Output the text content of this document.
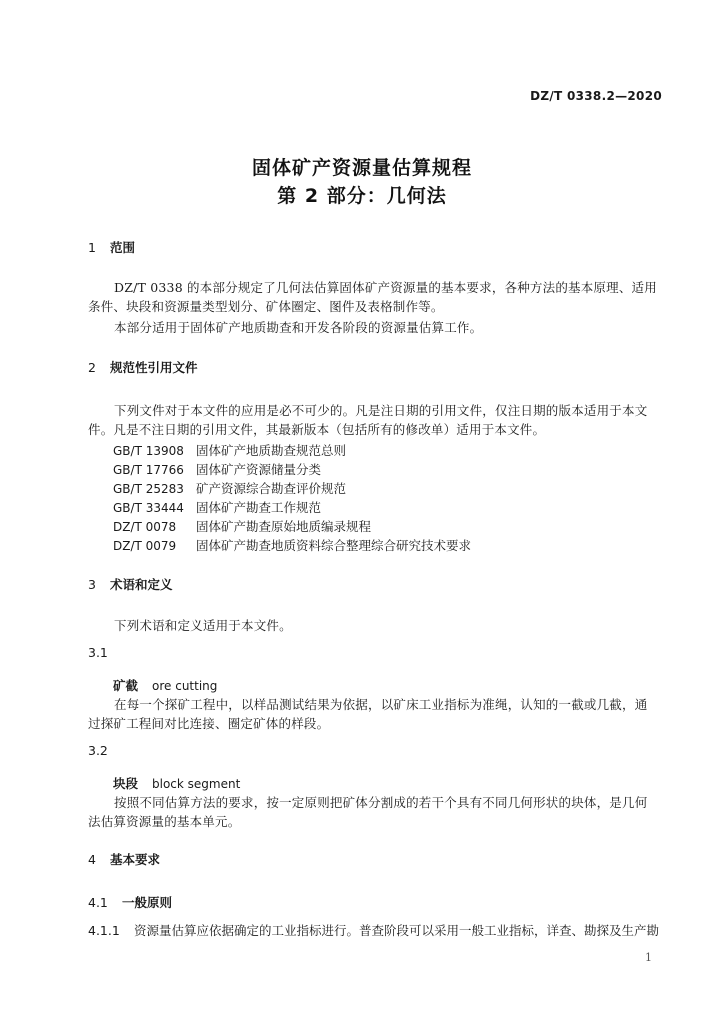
DZ/T 0338.2—2020
固体矿产资源量估算规程
第 2 部分：几何法
1 范围
DZ/T 0338 的本部分规定了几何法估算固体矿产资源量的基本要求，各种方法的基本原理、适用条件、块段和资源量类型划分、矿体圈定、图件及表格制作等。
本部分适用于固体矿产地质勘查和开发各阶段的资源量估算工作。
2 规范性引用文件
下列文件对于本文件的应用是必不可少的。凡是注日期的引用文件，仅注日期的版本适用于本文件。凡是不注日期的引用文件，其最新版本（包括所有的修改单）适用于本文件。
GB/T 13908 固体矿产地质勘查规范总则
GB/T 17766 固体矿产资源储量分类
GB/T 25283 矿产资源综合勘查评价规范
GB/T 33444 固体矿产勘查工作规范
DZ/T 0078 固体矿产勘查原始地质编录规程
DZ/T 0079 固体矿产勘查地质资料综合整理综合研究技术要求
3 术语和定义
下列术语和定义适用于本文件。
3.1
矿截 ore cutting
在每一个探矿工程中，以样品测试结果为依据，以矿床工业指标为准绳，认知的一截或几截，通过探矿工程间对比连接、圈定矿体的样段。
3.2
块段 block segment
按照不同估算方法的要求，按一定原则把矿体分割成的若干个具有不同几何形状的块体，是几何法估算资源量的基本单元。
4 基本要求
4.1 一般原则
4.1.1 资源量估算应依据确定的工业指标进行。普查阶段可以采用一般工业指标，详查、勘探及生产勘
1
